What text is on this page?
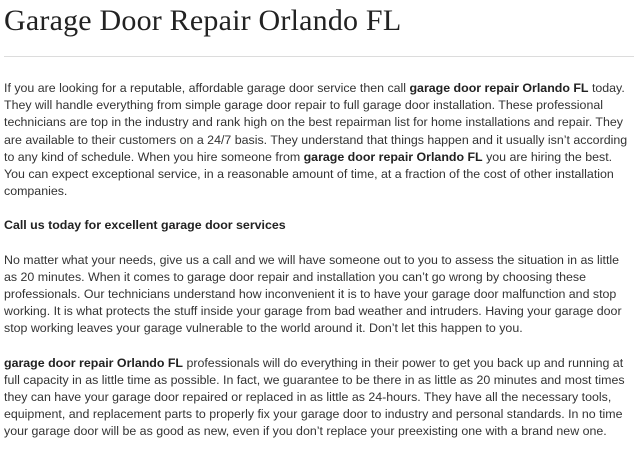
Garage Door Repair Orlando FL

If you are looking for a reputable, affordable garage door service then call garage door repair Orlando FL today. They will handle everything from simple garage door repair to full garage door installation. These professional technicians are top in the industry and rank high on the best repairman list for home installations and repair. They are available to their customers on a 24/7 basis. They understand that things happen and it usually isn’t according to any kind of schedule. When you hire someone from garage door repair Orlando FL you are hiring the best. You can expect exceptional service, in a reasonable amount of time, at a fraction of the cost of other installation companies.

Call us today for excellent garage door services

No matter what your needs, give us a call and we will have someone out to you to assess the situation in as little as 20 minutes. When it comes to garage door repair and installation you can’t go wrong by choosing these professionals. Our technicians understand how inconvenient it is to have your garage door malfunction and stop working. It is what protects the stuff inside your garage from bad weather and intruders. Having your garage door stop working leaves your garage vulnerable to the world around it. Don’t let this happen to you.

garage door repair Orlando FL professionals will do everything in their power to get you back up and running at full capacity in as little time as possible. In fact, we guarantee to be there in as little as 20 minutes and most times they can have your garage door repaired or replaced in as little as 24-hours. They have all the necessary tools, equipment, and replacement parts to properly fix your garage door to industry and personal standards. In no time your garage door will be as good as new, even if you don’t replace your preexisting one with a brand new one.
